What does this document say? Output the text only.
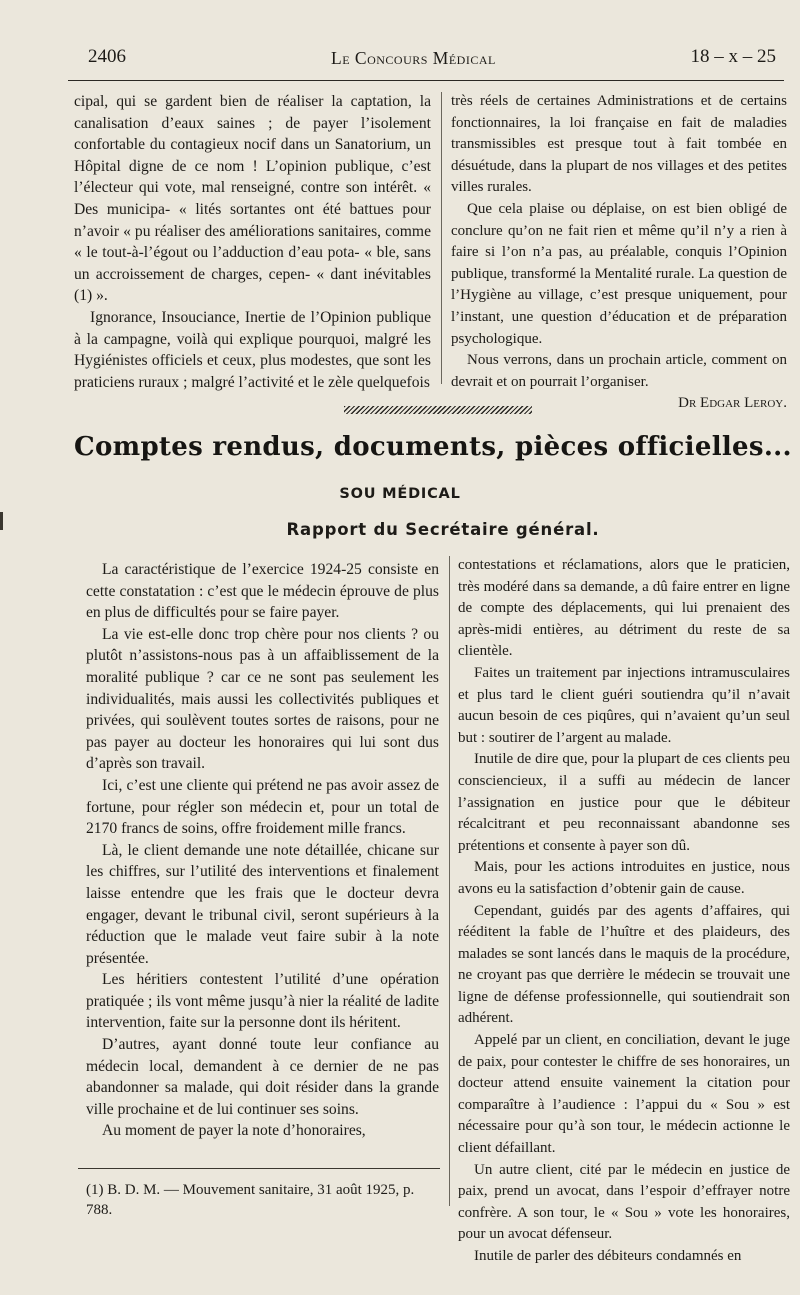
2406	Le Concours Médical	18 – x – 25

cipal, qui se gardent bien de réaliser la captation, la canalisation d’eaux saines ; de payer l’isolement confortable du contagieux nocif dans un Sanatorium, un Hôpital digne de ce nom ! L’opinion publique, c’est l’électeur qui vote, mal renseigné, contre son intérêt. « Des municipa- « lités sortantes ont été battues pour n’avoir « pu réaliser des améliorations sanitaires, comme « le tout-à-l’égout ou l’adduction d’eau pota- « ble, sans un accroissement de charges, cepen- « dant inévitables (1) ».

Ignorance, Insouciance, Inertie de l’Opinion publique à la campagne, voilà qui explique pourquoi, malgré les Hygiénistes officiels et ceux, plus modestes, que sont les praticiens ruraux ; malgré l’activité et le zèle quelquefois

très réels de certaines Administrations et de certains fonctionnaires, la loi française en fait de maladies transmissibles est presque tout à fait tombée en désuétude, dans la plupart de nos villages et des petites villes rurales.

Que cela plaise ou déplaise, on est bien obligé de conclure qu’on ne fait rien et même qu’il n’y a rien à faire si l’on n’a pas, au préalable, conquis l’Opinion publique, transformé la Mentalité rurale. La question de l’Hygiène au village, c’est presque uniquement, pour l’instant, une question d’éducation et de préparation psychologique.

Nous verrons, dans un prochain article, comment on devrait et on pourrait l’organiser.

Dr Edgar Leroy.

Comptes rendus, documents, pièces officielles...
SOU MÉDICAL
Rapport du Secrétaire général.

La caractéristique de l’exercice 1924-25 consiste en cette constatation : c’est que le médecin éprouve de plus en plus de difficultés pour se faire payer.

La vie est-elle donc trop chère pour nos clients ? ou plutôt n’assistons-nous pas à un affaiblissement de la moralité publique ? car ce ne sont pas seulement les individualités, mais aussi les collectivités publiques et privées, qui soulèvent toutes sortes de raisons, pour ne pas payer au docteur les honoraires qui lui sont dus d’après son travail.

Ici, c’est une cliente qui prétend ne pas avoir assez de fortune, pour régler son médecin et, pour un total de 2170 francs de soins, offre froidement mille francs.

Là, le client demande une note détaillée, chicane sur les chiffres, sur l’utilité des interventions et finalement laisse entendre que les frais que le docteur devra engager, devant le tribunal civil, seront supérieurs à la réduction que le malade veut faire subir à la note présentée.

Les héritiers contestent l’utilité d’une opération pratiquée ; ils vont même jusqu’à nier la réalité de ladite intervention, faite sur la personne dont ils héritent.

D’autres, ayant donné toute leur confiance au médecin local, demandent à ce dernier de ne pas abandonner sa malade, qui doit résider dans la grande ville prochaine et de lui continuer ses soins.

Au moment de payer la note d’honoraires,

contestations et réclamations, alors que le praticien, très modéré dans sa demande, a dû faire entrer en ligne de compte des déplacements, qui lui prenaient des après-midi entières, au détriment du reste de sa clientèle.

Faites un traitement par injections intramusculaires et plus tard le client guéri soutiendra qu’il n’avait aucun besoin de ces piqûres, qui n’avaient qu’un seul but : soutirer de l’argent au malade.

Inutile de dire que, pour la plupart de ces clients peu consciencieux, il a suffi au médecin de lancer l’assignation en justice pour que le débiteur récalcitrant et peu reconnaissant abandonne ses prétentions et consente à payer son dû.

Mais, pour les actions introduites en justice, nous avons eu la satisfaction d’obtenir gain de cause.

Cependant, guidés par des agents d’affaires, qui rééditent la fable de l’huître et des plaideurs, des malades se sont lancés dans le maquis de la procédure, ne croyant pas que derrière le médecin se trouvait une ligne de défense professionnelle, qui soutiendrait son adhérent.

Appelé par un client, en conciliation, devant le juge de paix, pour contester le chiffre de ses honoraires, un docteur attend ensuite vainement la citation pour comparaître à l’audience : l’appui du « Sou » est nécessaire pour qu’à son tour, le médecin actionne le client défaillant.

Un autre client, cité par le médecin en justice de paix, prend un avocat, dans l’espoir d’effrayer notre confrère. A son tour, le « Sou » vote les honoraires, pour un avocat défenseur.

Inutile de parler des débiteurs condamnés en

(1) B. D. M. — Mouvement sanitaire, 31 août 1925, p. 788.
